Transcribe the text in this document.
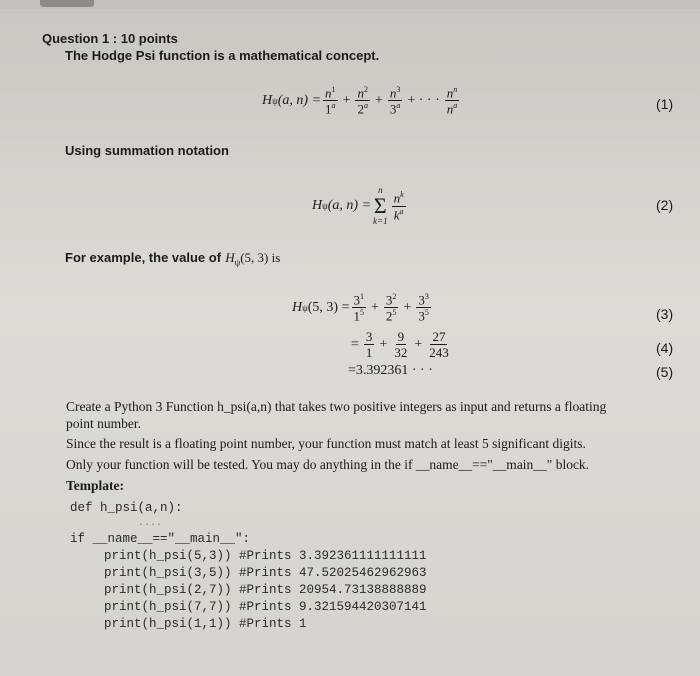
Question 1 : 10 points
The Hodge Psi function is a mathematical concept.
H ψ (a, $n) = \frac{n^1}{1^a} + \frac{n^2}{2^a} + \frac{n^3}{3^a}$ + · · · $\frac{n^n}{n^a}$	(1)
Using summation notation
H ψ (a, n) =
n
Σ
k=1
$\frac{n^k}{k^a}$	(2)
For example, the value of $H_\psi(5$, 3) is
H ψ (5, $3) = \frac{3^1}{1^5} + \frac{3^2}{2^5} + \frac{3^3}{3^5}$	(3)
= $\frac{3}{1} + \frac{9}{32} + \frac{27}{243}$	(4)
=3.392361 · · ·	(5)
Create a Python 3 Function h_psi(a,n) that takes two positive integers as input and returns a floating
point number.
Since the result is a floating point number, your function must match at least 5 significant digits.
Only your function will be tested. You may do anything in the if __name__=="__main__" block.
Template:
def h_psi(a,n):
....
if __name__=="__main__":
print(h_psi(5,3)) #Prints 3.392361111111111
print(h_psi(3,5)) #Prints 47.52025462962963
print(h_psi(2,7)) #Prints 20954.73138888889
print(h_psi(7,7)) #Prints 9.321594420307141
print(h_psi(1,1)) #Prints 1
